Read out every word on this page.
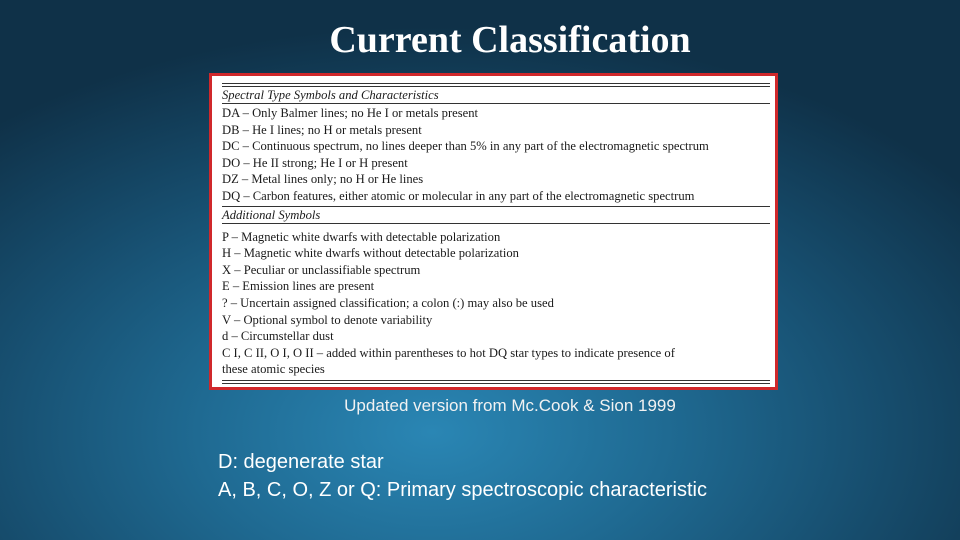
Current Classification
Spectral Type Symbols and Characteristics
DA – Only Balmer lines; no He I or metals present
DB – He I lines; no H or metals present
DC – Continuous spectrum, no lines deeper than 5% in any part of the electromagnetic spectrum
DO – He II strong; He I or H present
DZ – Metal lines only; no H or He lines
DQ – Carbon features, either atomic or molecular in any part of the electromagnetic spectrum
Additional Symbols
P – Magnetic white dwarfs with detectable polarization
H – Magnetic white dwarfs without detectable polarization
X – Peculiar or unclassifiable spectrum
E – Emission lines are present
? – Uncertain assigned classification; a colon (:) may also be used
V – Optional symbol to denote variability
d – Circumstellar dust
C I, C II, O I, O II – added within parentheses to hot DQ star types to indicate presence of
these atomic species
Updated version from Mc.Cook & Sion 1999
D: degenerate star
A, B, C, O, Z or Q: Primary spectroscopic characteristic
